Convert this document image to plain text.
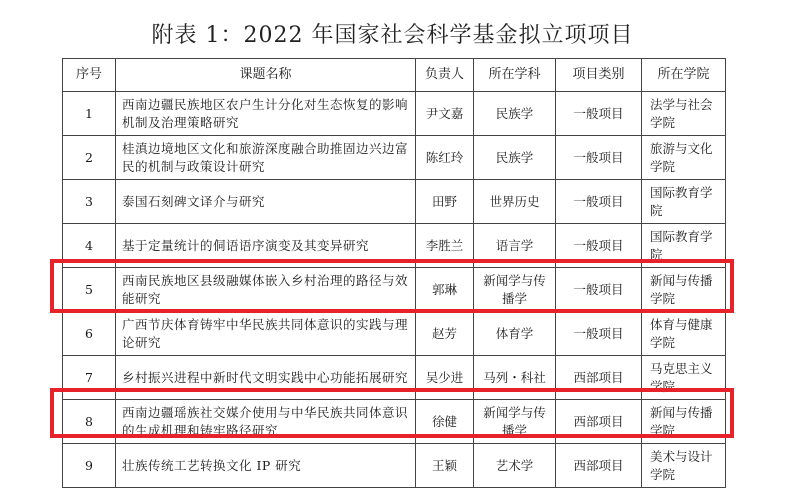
附表 1：2022 年国家社会科学基金拟立项项目
序号	课题名称	负责人	所在学科	项目类别	所在学院
1	西南边疆民族地区农户生计分化对生态恢复的影响机制及治理策略研究	尹文嘉	民族学	一般项目	法学与社会学院
2	桂滇边境地区文化和旅游深度融合助推固边兴边富民的机制与政策设计研究	陈红玲	民族学	一般项目	旅游与文化学院
3	泰国石刻碑文译介与研究	田野	世界历史	一般项目	国际教育学院
4	基于定量统计的侗语语序演变及其变异研究	李胜兰	语言学	一般项目	国际教育学院
5	西南民族地区县级融媒体嵌入乡村治理的路径与效能研究	郭琳	新闻学与传播学	一般项目	新闻与传播学院
6	广西节庆体育铸牢中华民族共同体意识的实践与理论研究	赵芳	体育学	一般项目	体育与健康学院
7	乡村振兴进程中新时代文明实践中心功能拓展研究	吴少进	马列・科社	西部项目	马克思主义学院
8	西南边疆瑶族社交媒介使用与中华民族共同体意识的生成机理和铸牢路径研究	徐健	新闻学与传播学	西部项目	新闻与传播学院
9	壮族传统工艺转换文化 IP 研究	王颖	艺术学	西部项目	美术与设计学院
